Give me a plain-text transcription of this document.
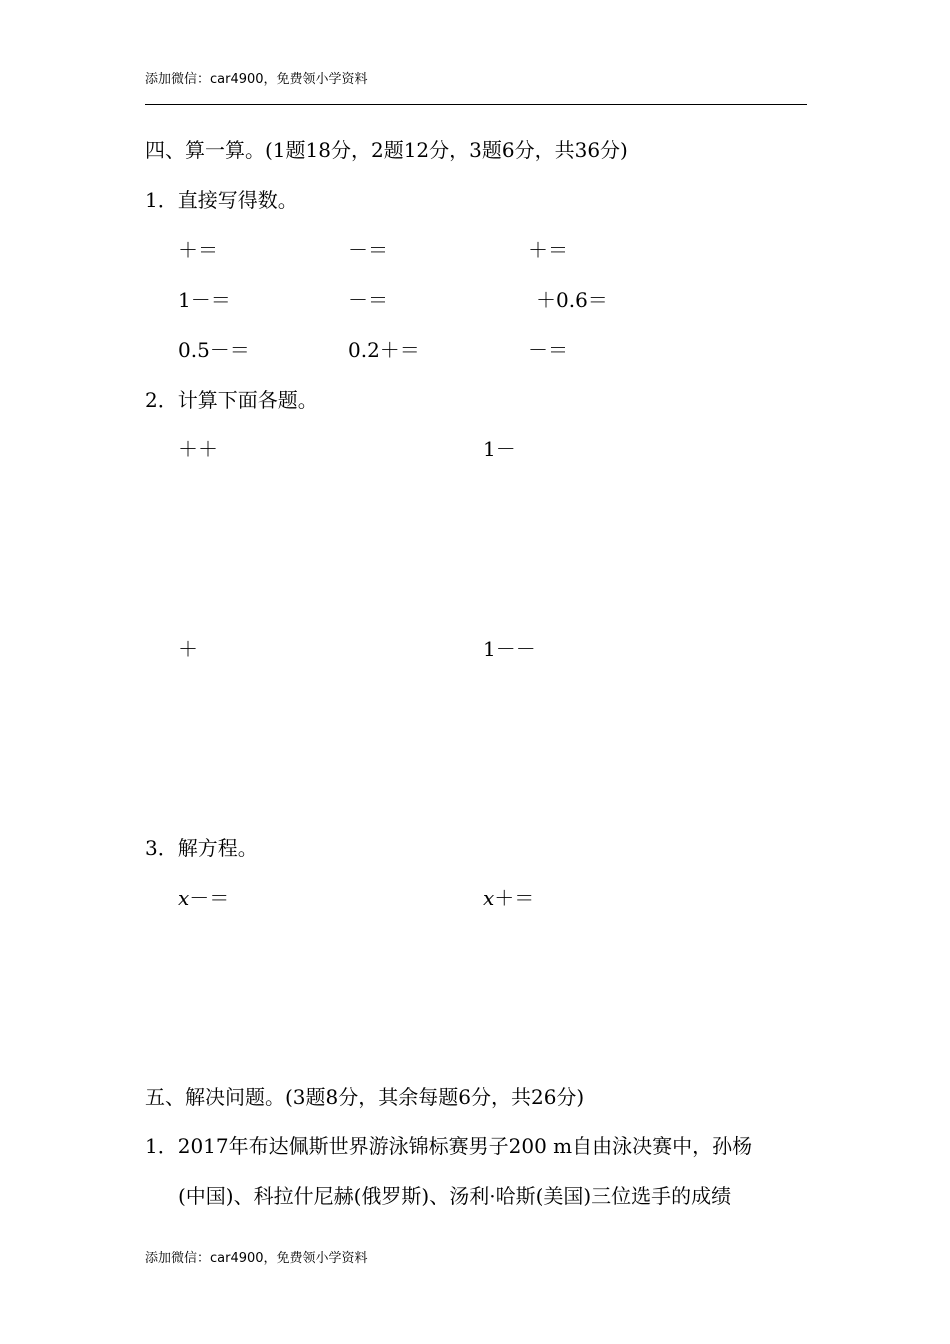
添加微信：car4900，免费领小学资料
四、算一算。(1题18分，2题12分，3题6分，共36分)
1．直接写得数。
＋＝	－＝	＋＝
1－＝	－＝	＋0.6＝
0.5－＝	0.2＋＝	－＝
2．计算下面各题。
＋＋	1－
＋	1－－
3．解方程。
x－＝	x＋＝
五、解决问题。(3题8分，其余每题6分，共26分)
1．2017年布达佩斯世界游泳锦标赛男子200 m自由泳决赛中，孙杨
(中国)、科拉什尼赫(俄罗斯)、汤利·哈斯(美国)三位选手的成绩
添加微信：car4900，免费领小学资料
